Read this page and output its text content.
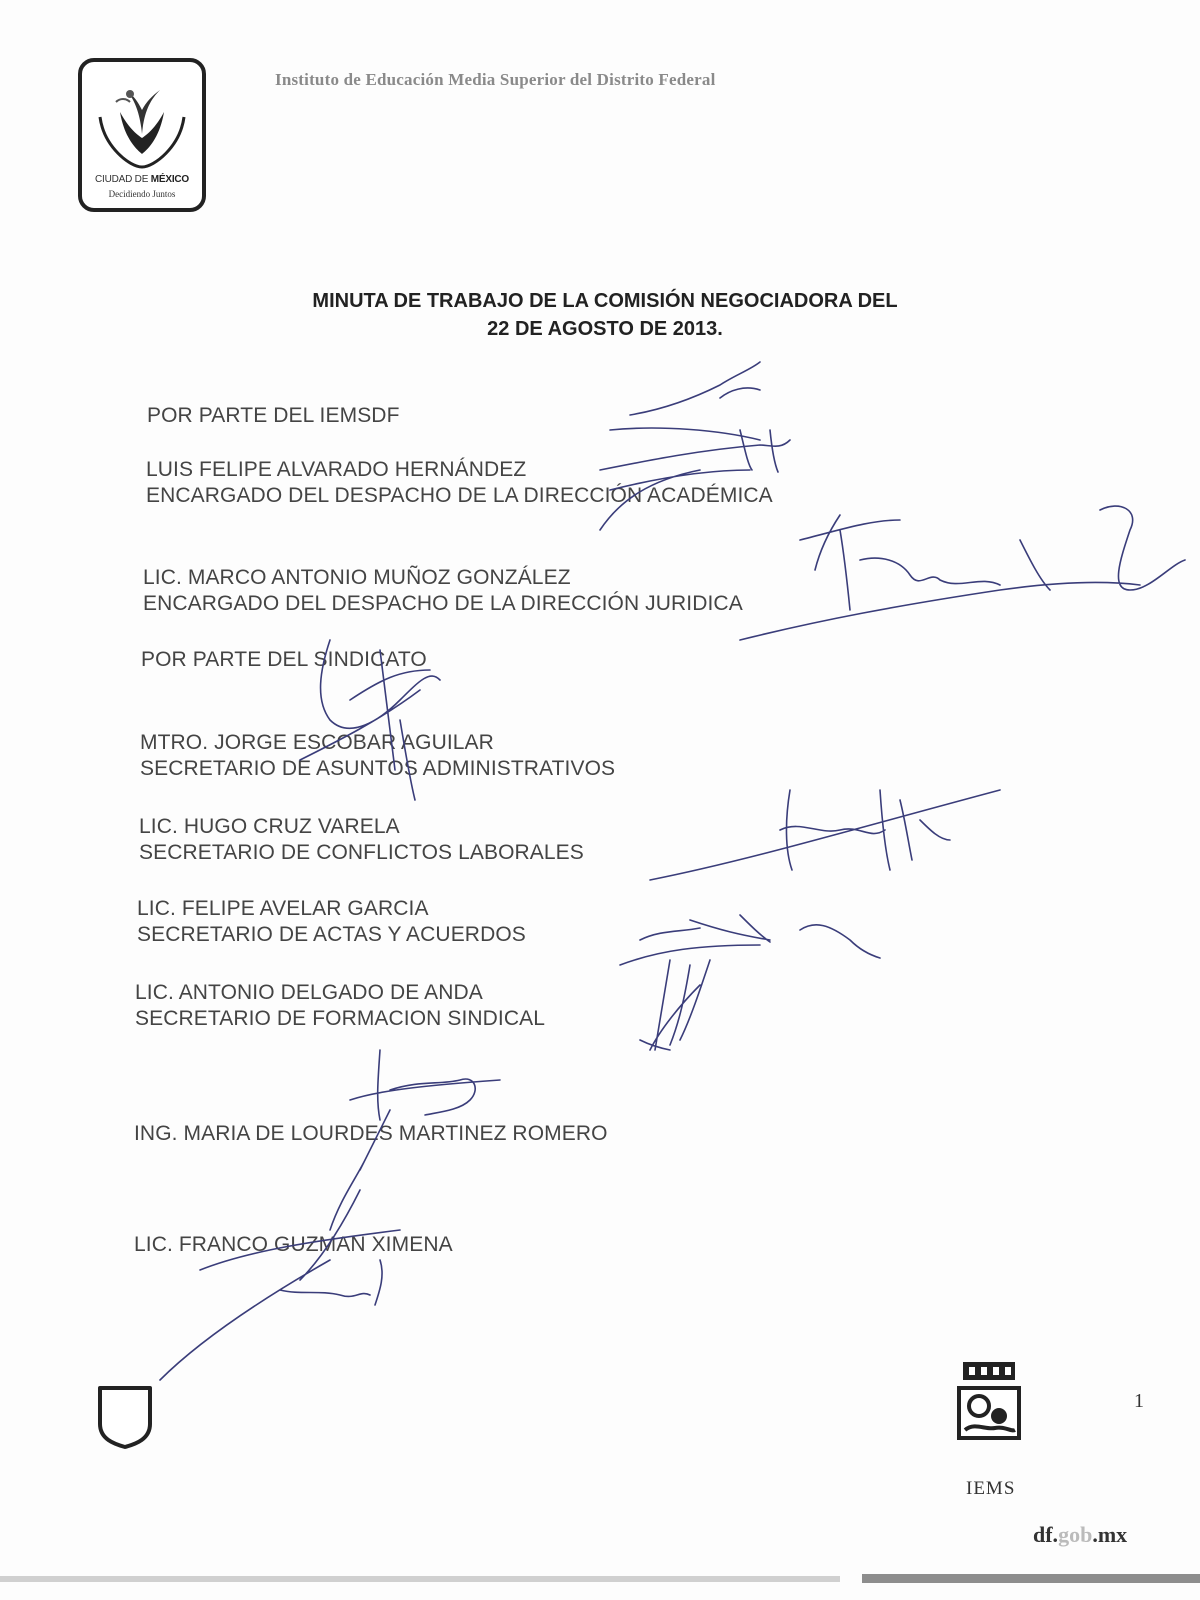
CIUDAD DE MÉXICO
Decidiendo Juntos
Instituto de Educación Media Superior del Distrito Federal
MINUTA DE TRABAJO DE LA COMISIÓN NEGOCIADORA DEL
22 DE AGOSTO DE 2013.
POR PARTE DEL IEMSDF
LUIS FELIPE ALVARADO HERNÁNDEZ
ENCARGADO DEL DESPACHO DE LA DIRECCIÓN ACADÉMICA
LIC. MARCO ANTONIO MUÑOZ GONZÁLEZ
ENCARGADO DEL DESPACHO DE LA DIRECCIÓN JURIDICA
POR PARTE DEL SINDICATO
MTRO. JORGE ESCOBAR AGUILAR
SECRETARIO DE ASUNTOS ADMINISTRATIVOS
LIC. HUGO CRUZ VARELA
SECRETARIO DE CONFLICTOS LABORALES
LIC. FELIPE AVELAR GARCIA
SECRETARIO DE ACTAS Y ACUERDOS
LIC. ANTONIO DELGADO DE ANDA
SECRETARIO DE FORMACION SINDICAL
ING. MARIA DE LOURDES MARTINEZ ROMERO
LIC. FRANCO GUZMAN XIMENA
IEMS
1
df.gob.mx
